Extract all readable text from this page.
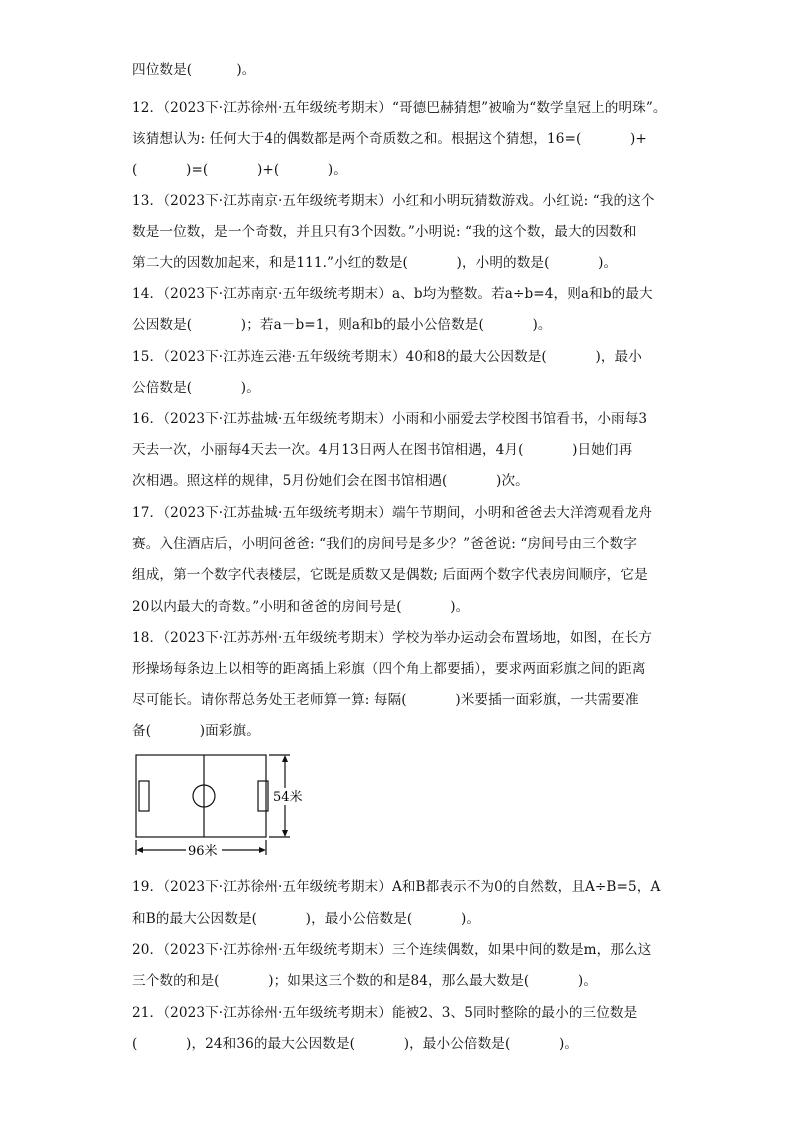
四位数是(          )。
12．（2023下·江苏徐州·五年级统考期末）“哥德巴赫猜想”被喻为“数学皇冠上的明珠”。
该猜想认为: 任何大于4的偶数都是两个奇质数之和。根据这个猜想，16=(           )+
(           )=(           )+(           )。
13．（2023下·江苏南京·五年级统考期末）小红和小明玩猜数游戏。小红说: “我的这个
数是一位数，是一个奇数，并且只有3个因数。”小明说: “我的这个数，最大的因数和
第二大的因数加起来，和是111.”小红的数是(           )，小明的数是(           )。
14．（2023下·江苏南京·五年级统考期末）a、b均为整数。若a÷b=4，则a和b的最大
公因数是(           )；若a－b=1，则a和b的最小公倍数是(           )。
15．（2023下·江苏连云港·五年级统考期末）40和8的最大公因数是(           )，最小
公倍数是(           )。
16．（2023下·江苏盐城·五年级统考期末）小雨和小丽爱去学校图书馆看书，小雨每3
天去一次，小丽每4天去一次。4月13日两人在图书馆相遇，4月(           )日她们再
次相遇。照这样的规律，5月份她们会在图书馆相遇(           )次。
17．（2023下·江苏盐城·五年级统考期末）端午节期间，小明和爸爸去大洋湾观看龙舟
赛。入住酒店后，小明问爸爸: “我们的房间号是多少？”爸爸说: “房间号由三个数字
组成，第一个数字代表楼层，它既是质数又是偶数; 后面两个数字代表房间顺序，它是
20以内最大的奇数。”小明和爸爸的房间号是(           )。
18．（2023下·江苏苏州·五年级统考期末）学校为举办运动会布置场地，如图，在长方
形操场每条边上以相等的距离插上彩旗（四个角上都要插），要求两面彩旗之间的距离
尽可能长。请你帮总务处王老师算一算: 每隔(           )米要插一面彩旗，一共需要准
备(           )面彩旗。
54米
96米
19．（2023下·江苏徐州·五年级统考期末）A和B都表示不为0的自然数，且A÷B=5，A
和B的最大公因数是(           )，最小公倍数是(           )。
20．（2023下·江苏徐州·五年级统考期末）三个连续偶数，如果中间的数是m，那么这
三个数的和是(           )；如果这三个数的和是84，那么最大数是(           )。
21．（2023下·江苏徐州·五年级统考期末）能被2、3、5同时整除的最小的三位数是
(           )，24和36的最大公因数是(           )，最小公倍数是(           )。
